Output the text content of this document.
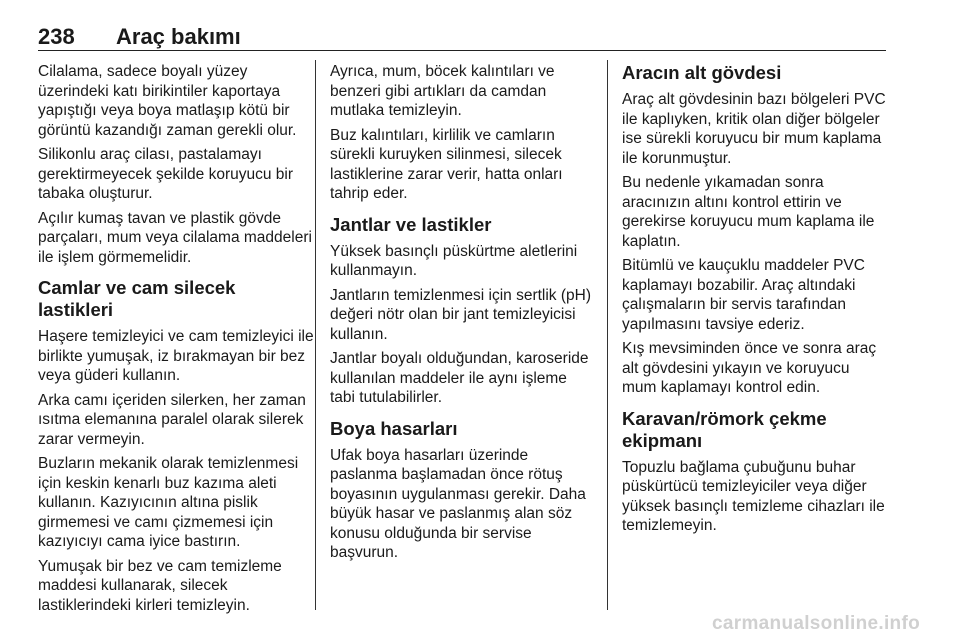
238 Araç bakımı

Cilalama, sadece boyalı yüzey üzerindeki katı birikintiler kaportaya yapıştığı veya boya matlaşıp kötü bir görüntü kazandığı zaman gerekli olur.

Silikonlu araç cilası, pastalamayı gerektirmeyecek şekilde koruyucu bir tabaka oluşturur.

Açılır kumaş tavan ve plastik gövde parçaları, mum veya cilalama maddeleri ile işlem görmemelidir.

Camlar ve cam silecek lastikleri

Haşere temizleyici ve cam temizleyici ile birlikte yumuşak, iz bırakmayan bir bez veya güderi kullanın.

Arka camı içeriden silerken, her zaman ısıtma elemanına paralel olarak silerek zarar vermeyin.

Buzların mekanik olarak temizlenmesi için keskin kenarlı buz kazıma aleti kullanın. Kazıyıcının altına pislik girmemesi ve camı çizmemesi için kazıyıcıyı cama iyice bastırın.

Yumuşak bir bez ve cam temizleme maddesi kullanarak, silecek lastiklerindeki kirleri temizleyin.

Ayrıca, mum, böcek kalıntıları ve benzeri gibi artıkları da camdan mutlaka temizleyin.

Buz kalıntıları, kirlilik ve camların sürekli kuruyken silinmesi, silecek lastiklerine zarar verir, hatta onları tahrip eder.

Jantlar ve lastikler

Yüksek basınçlı püskürtme aletlerini kullanmayın.

Jantların temizlenmesi için sertlik (pH) değeri nötr olan bir jant temizleyicisi kullanın.

Jantlar boyalı olduğundan, karoseride kullanılan maddeler ile aynı işleme tabi tutulabilirler.

Boya hasarları

Ufak boya hasarları üzerinde paslanma başlamadan önce rötuş boyasının uygulanması gerekir. Daha büyük hasar ve paslanmış alan söz konusu olduğunda bir servise başvurun.

Aracın alt gövdesi

Araç alt gövdesinin bazı bölgeleri PVC ile kaplıyken, kritik olan diğer bölgeler ise sürekli koruyucu bir mum kaplama ile korunmuştur.

Bu nedenle yıkamadan sonra aracınızın altını kontrol ettirin ve gerekirse koruyucu mum kaplama ile kaplatın.

Bitümlü ve kauçuklu maddeler PVC kaplamayı bozabilir. Araç altındaki çalışmaların bir servis tarafından yapılmasını tavsiye ederiz.

Kış mevsiminden önce ve sonra araç alt gövdesini yıkayın ve koruyucu mum kaplamayı kontrol edin.

Karavan/römork çekme ekipmanı

Topuzlu bağlama çubuğunu buhar püskürtücü temizleyiciler veya diğer yüksek basınçlı temizleme cihazları ile temizlemeyin.

carmanualsonline.info
